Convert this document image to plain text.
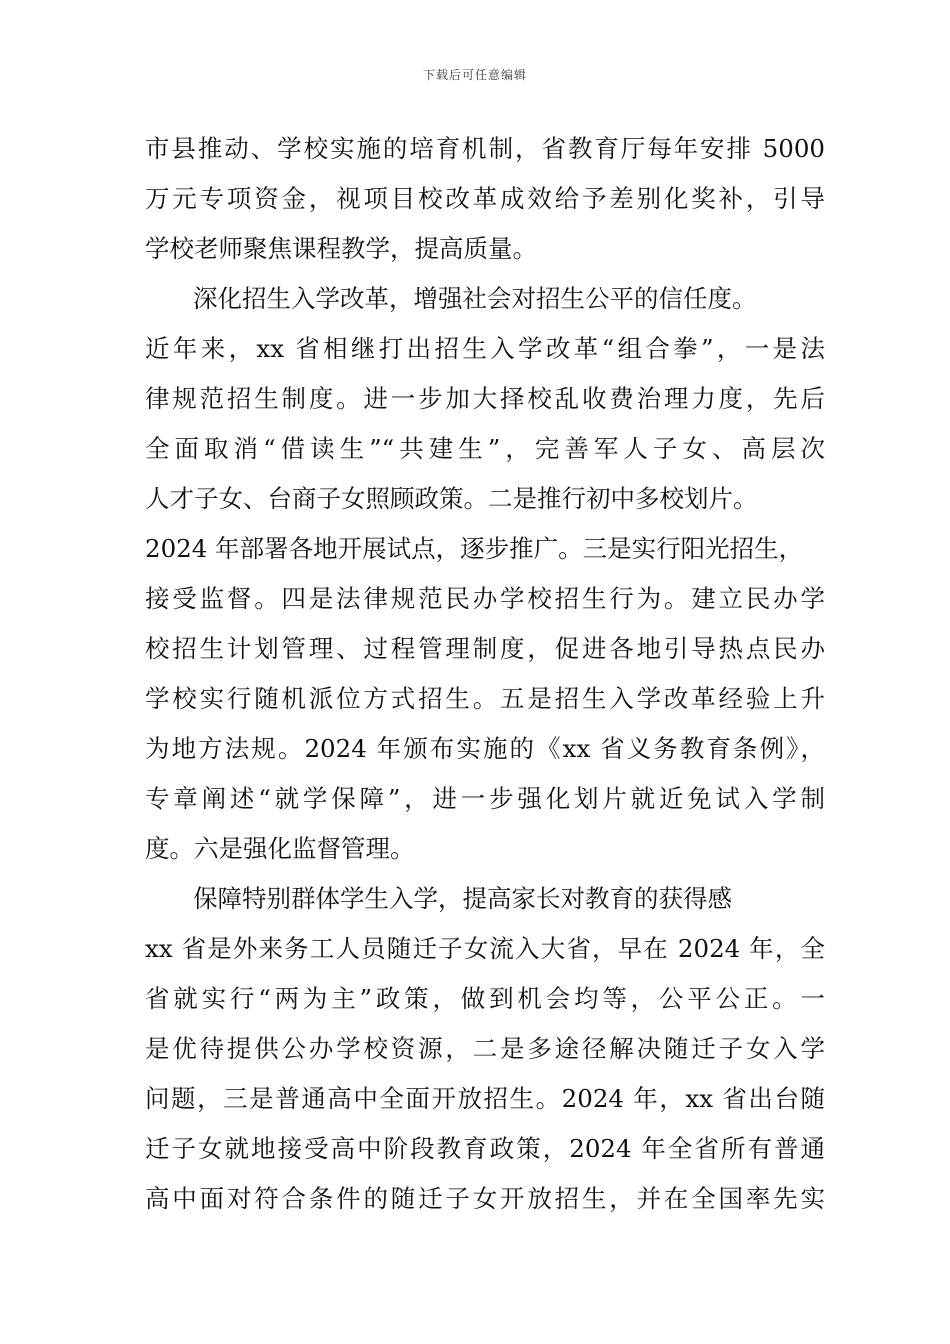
下载后可任意编辑
市县推动、学校实施的培育机制，省教育厅每年安排 5000
万元专项资金，视项目校改革成效给予差别化奖补，引导
学校老师聚焦课程教学，提高质量。
深化招生入学改革，增强社会对招生公平的信任度。
近年来，xx 省相继打出招生入学改革“组合拳”，一是法
律规范招生制度。进一步加大择校乱收费治理力度，先后
全面取消“借读生”“共建生”，完善军人子女、高层次
人才子女、台商子女照顾政策。二是推行初中多校划片。
2024 年部署各地开展试点，逐步推广。三是实行阳光招生，
接受监督。四是法律规范民办学校招生行为。建立民办学
校招生计划管理、过程管理制度，促进各地引导热点民办
学校实行随机派位方式招生。五是招生入学改革经验上升
为地方法规。2024 年颁布实施的《xx 省义务教育条例》，
专章阐述“就学保障”，进一步强化划片就近免试入学制
度。六是强化监督管理。
保障特别群体学生入学，提高家长对教育的获得感
xx 省是外来务工人员随迁子女流入大省，早在 2024 年，全
省就实行“两为主”政策，做到机会均等，公平公正。一
是优待提供公办学校资源，二是多途径解决随迁子女入学
问题，三是普通高中全面开放招生。2024 年，xx 省出台随
迁子女就地接受高中阶段教育政策，2024 年全省所有普通
高中面对符合条件的随迁子女开放招生，并在全国率先实
